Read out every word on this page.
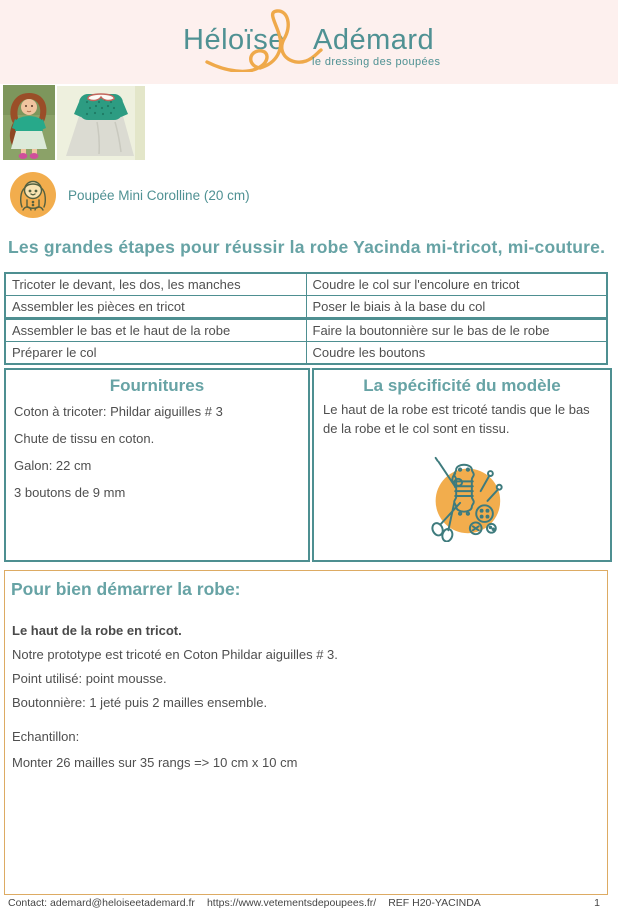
Héloïse Adémard
le dressing des poupées
Poupée Mini Corolline (20 cm)
Les grandes étapes pour réussir la robe Yacinda mi-tricot, mi-couture.
Tricoter le devant, les dos, les manches	Coudre le col sur l'encolure en tricot
Assembler les pièces en tricot	Poser le biais à la base du col
Assembler le bas et le haut de la robe	Faire la boutonnière sur le bas de le robe
Préparer le col	Coudre les boutons
Fournitures
Coton à tricoter: Phildar aiguilles # 3
Chute de tissu en coton.
Galon: 22 cm
3 boutons de 9 mm
La spécificité du modèle
Le haut de la robe est tricoté tandis que le bas de la robe et le col sont en tissu.
Pour bien démarrer la robe:
Le haut de la robe en tricot.
Notre prototype est tricoté en Coton Phildar aiguilles # 3.
Point utilisé: point mousse.
Boutonnière: 1 jeté puis 2 mailles ensemble.
Echantillon:
Monter 26 mailles sur 35 rangs => 10 cm x 10 cm
Contact: ademard@heloiseetademard.fr https://www.vetementsdepoupees.fr/ REF H20-YACINDA	1
